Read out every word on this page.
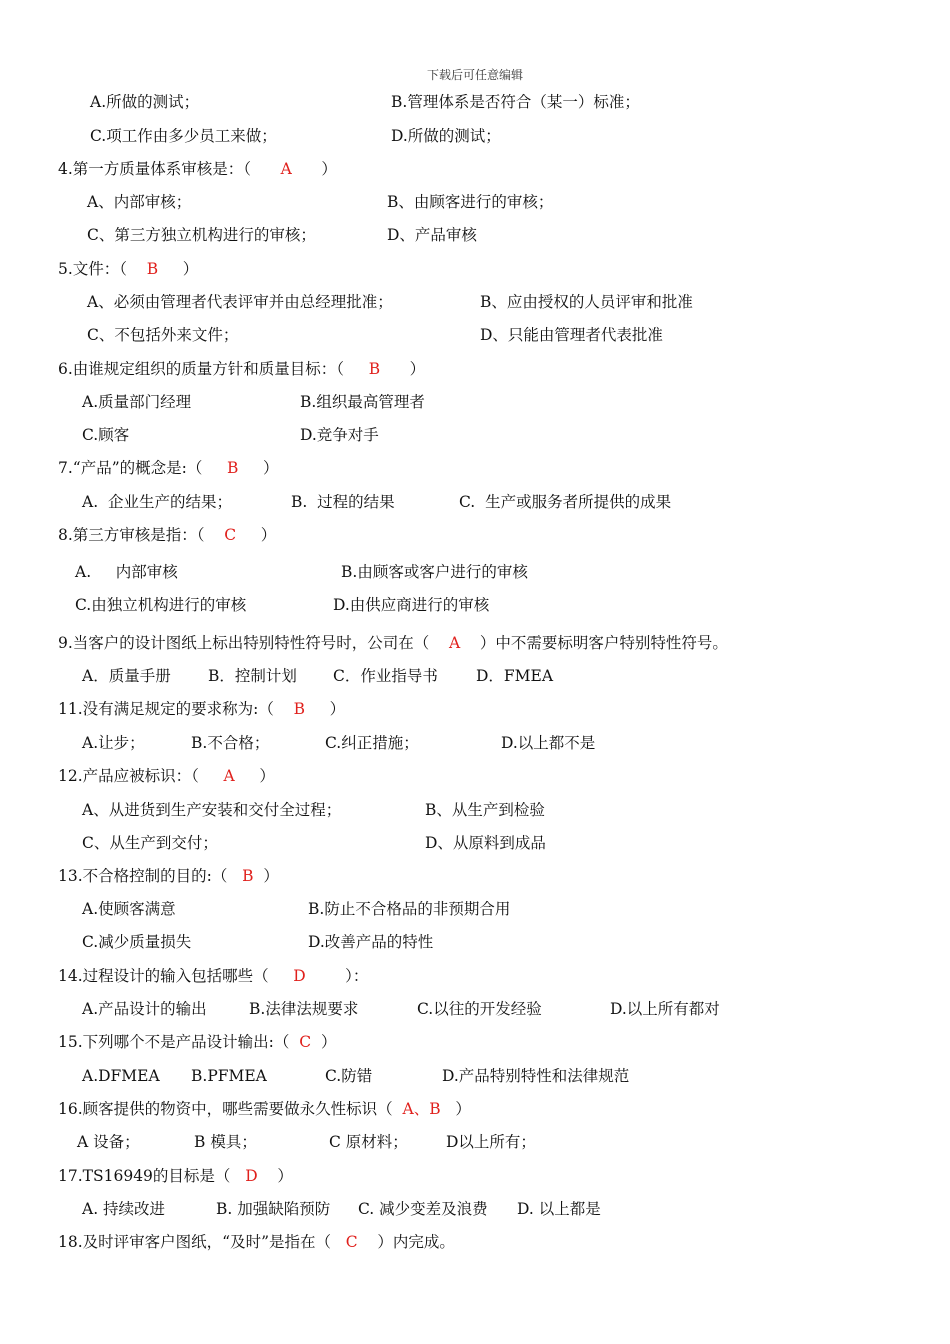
下载后可任意编辑
A.所做的测试；	B.管理体系是否符合（某一）标准；
C.项工作由多少员工来做；	D.所做的测试；
4.第一方质量体系审核是：（      A      ）
A、内部审核；	B、由顾客进行的审核；
C、第三方独立机构进行的审核；	D、产品审核
5.文件：（    B     ）
A、必须由管理者代表评审并由总经理批准；	B、应由授权的人员评审和批准
C、不包括外来文件；	D、只能由管理者代表批准
6.由谁规定组织的质量方针和质量目标：（     B      ）
A.质量部门经理	B.组织最高管理者
C.顾客	D.竞争对手
7.“产品”的概念是:（     B     ）
A.  企业生产的结果；	B.  过程的结果	C.  生产或服务者所提供的成果
8.第三方审核是指：（    C     ）
A.     内部审核	B.由顾客或客户进行的审核
C.由独立机构进行的审核	D.由供应商进行的审核
9.当客户的设计图纸上标出特别特性符号时，公司在（    A    ）中不需要标明客户特别特性符号。
A．质量手册 B．控制计划 C．作业指导书 D．FMEA
11.没有满足规定的要求称为:（    B     ）
A.让步；	B.不合格；	C.纠正措施；	D.以上都不是
12.产品应被标识：（     A     ）
A、从进货到生产安装和交付全过程；	B、从生产到检验
C、从生产到交付；	D、从原料到成品
13.不合格控制的目的:（   B  ）
A.使顾客满意	B.防止不合格品的非预期合用
C.减少质量损失	D.改善产品的特性
14.过程设计的输入包括哪些（     D        ）：
A.产品设计的输出	B.法律法规要求	C.以往的开发经验	D.以上所有都对
15.下列哪个不是产品设计输出:（  C  ）
A.DFMEA B.PFMEA	C.防错	D.产品特别特性和法律规范
16.顾客提供的物资中，哪些需要做永久性标识（  A、B   ）
A 设备；	B 模具；	C 原材料； D以上所有；
17.TS16949的目标是（   D    ）
A. 持续改进	B. 加强缺陷预防 C. 减少变差及浪费 D. 以上都是
18.及时评审客户图纸，“及时”是指在（   C    ）内完成。
